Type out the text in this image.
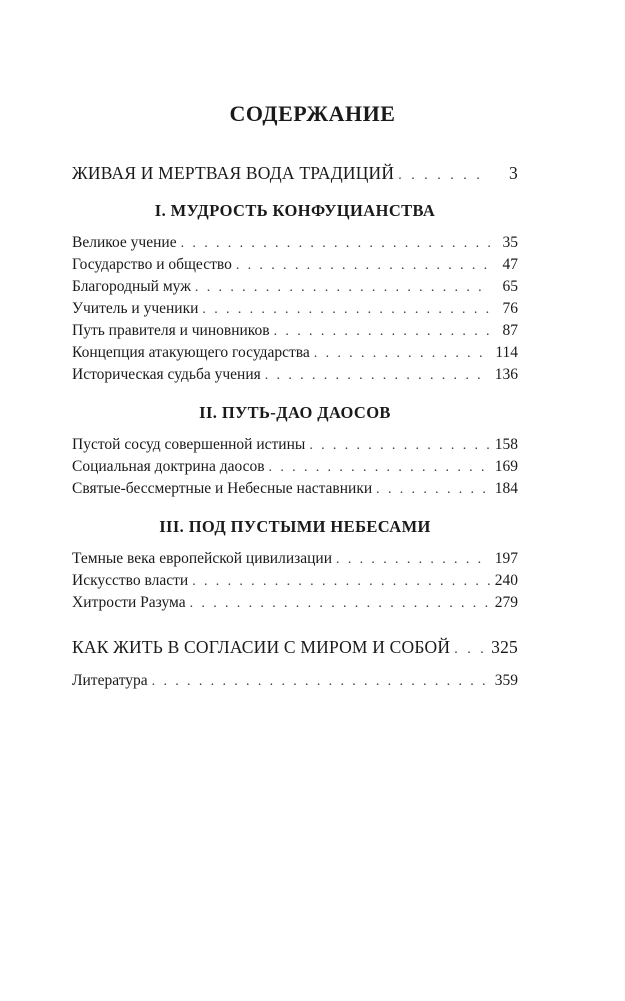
СОДЕРЖАНИЕ
ЖИВАЯ И МЕРТВАЯ ВОДА ТРАДИЦИЙ . . .	3
I. МУДРОСТЬ КОНФУЦИАНСТВА
Великое учение . . .	35
Государство и общество . . .	47
Благородный муж . . .	65
Учитель и ученики . . .	76
Путь правителя и чиновников . . .	87
Концепция атакующего государства . . .	114
Историческая судьба учения . . .	136
II. ПУТЬ-ДАО ДАОСОВ
Пустой сосуд совершенной истины . . .	158
Социальная доктрина даосов . . .	169
Святые-бессмертные и Небесные наставники . . .	184
III. ПОД ПУСТЫМИ НЕБЕСАМИ
Темные века европейской цивилизации . . .	197
Искусство власти . . .	240
Хитрости Разума . . .	279
КАК ЖИТЬ В СОГЛАСИИ С МИРОМ И СОБОЙ . . . 325
Литература . . .	359
